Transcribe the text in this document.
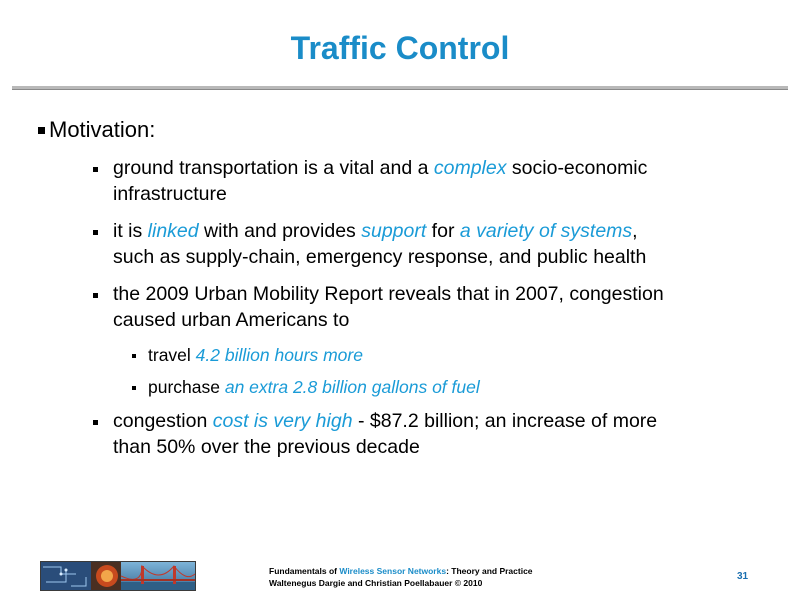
Traffic Control
Motivation:
ground transportation is a vital and a complex socio-economic
infrastructure
it is linked with and provides support for a variety of systems,
such as supply-chain, emergency response, and public health
the 2009 Urban Mobility Report reveals that in 2007, congestion
caused urban Americans to
travel 4.2 billion hours more
purchase an extra 2.8 billion gallons of fuel
congestion cost is very high - $87.2 billion; an increase of more
than 50% over the previous decade
Fundamentals of Wireless Sensor Networks: Theory and Practice
Waltenegus Dargie and Christian Poellabauer © 2010
31
